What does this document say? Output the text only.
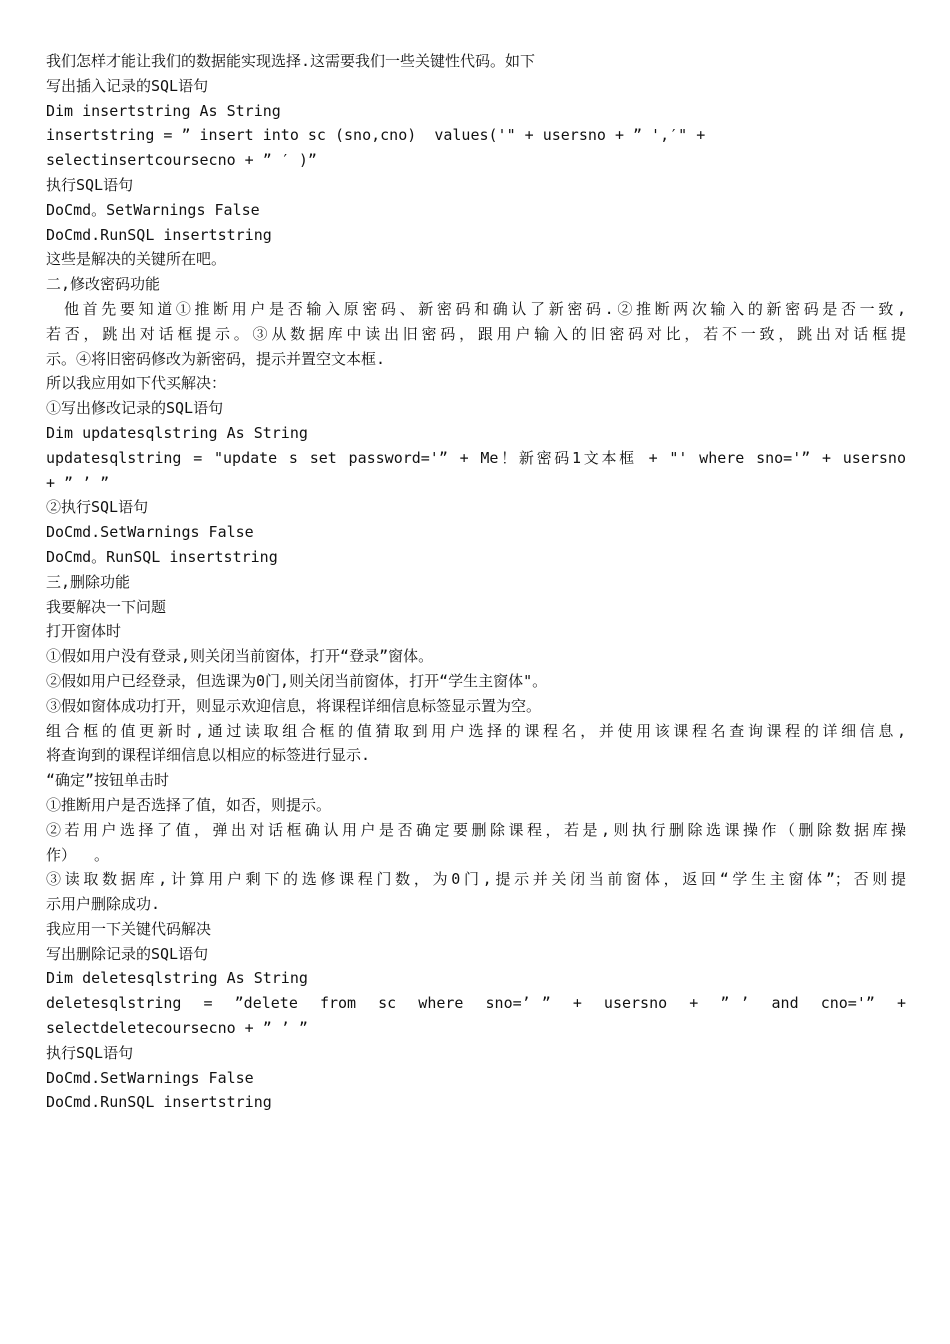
我们怎样才能让我们的数据能实现选择.这需要我们一些关键性代码。如下
写出插入记录的SQL语句
Dim insertstring As String
insertstring = ” insert into sc (sno,cno)  values('" + usersno + ” ',′" +
selectinsertcoursecno + ” ′ )”
执行SQL语句
DoCmd。SetWarnings False
DoCmd.RunSQL insertstring
这些是解决的关键所在吧。
二,修改密码功能
他首先要知道①推断用户是否输入原密码、新密码和确认了新密码.②推断两次输入的新密码是否一致,
若否，跳出对话框提示。③从数据库中读出旧密码，跟用户输入的旧密码对比，若不一致，跳出对话框提
示。④将旧密码修改为新密码，提示并置空文本框.
所以我应用如下代买解决：
①写出修改记录的SQL语句
Dim updatesqlstring As String
updatesqlstring = "update s set password='” + Me！新密码1文本框 + "' where sno='” + usersno
+ ” ’ ”
②执行SQL语句
DoCmd.SetWarnings False
DoCmd。RunSQL insertstring
三,删除功能
我要解决一下问题
打开窗体时
①假如用户没有登录,则关闭当前窗体，打开“登录”窗体。
②假如用户已经登录，但选课为0门,则关闭当前窗体，打开“学生主窗体"。
③假如窗体成功打开，则显示欢迎信息，将课程详细信息标签显示置为空。
组合框的值更新时,通过读取组合框的值猜取到用户选择的课程名，并使用该课程名查询课程的详细信息,
将查询到的课程详细信息以相应的标签进行显示.
“确定”按钮单击时
①推断用户是否选择了值，如否，则提示。
②若用户选择了值，弹出对话框确认用户是否确定要删除课程，若是,则执行删除选课操作（删除数据库操
作）  。
③读取数据库,计算用户剩下的选修课程门数，为0门,提示并关闭当前窗体，返回“学生主窗体”；否则提
示用户删除成功.
我应用一下关键代码解决
写出删除记录的SQL语句
Dim deletesqlstring As String
deletesqlstring  =  ”delete  from  sc  where  sno=’ ”  +  usersno  +  ” ’  and  cno='”  +
selectdeletecoursecno + ” ’ ”
执行SQL语句
DoCmd.SetWarnings False
DoCmd.RunSQL insertstring
